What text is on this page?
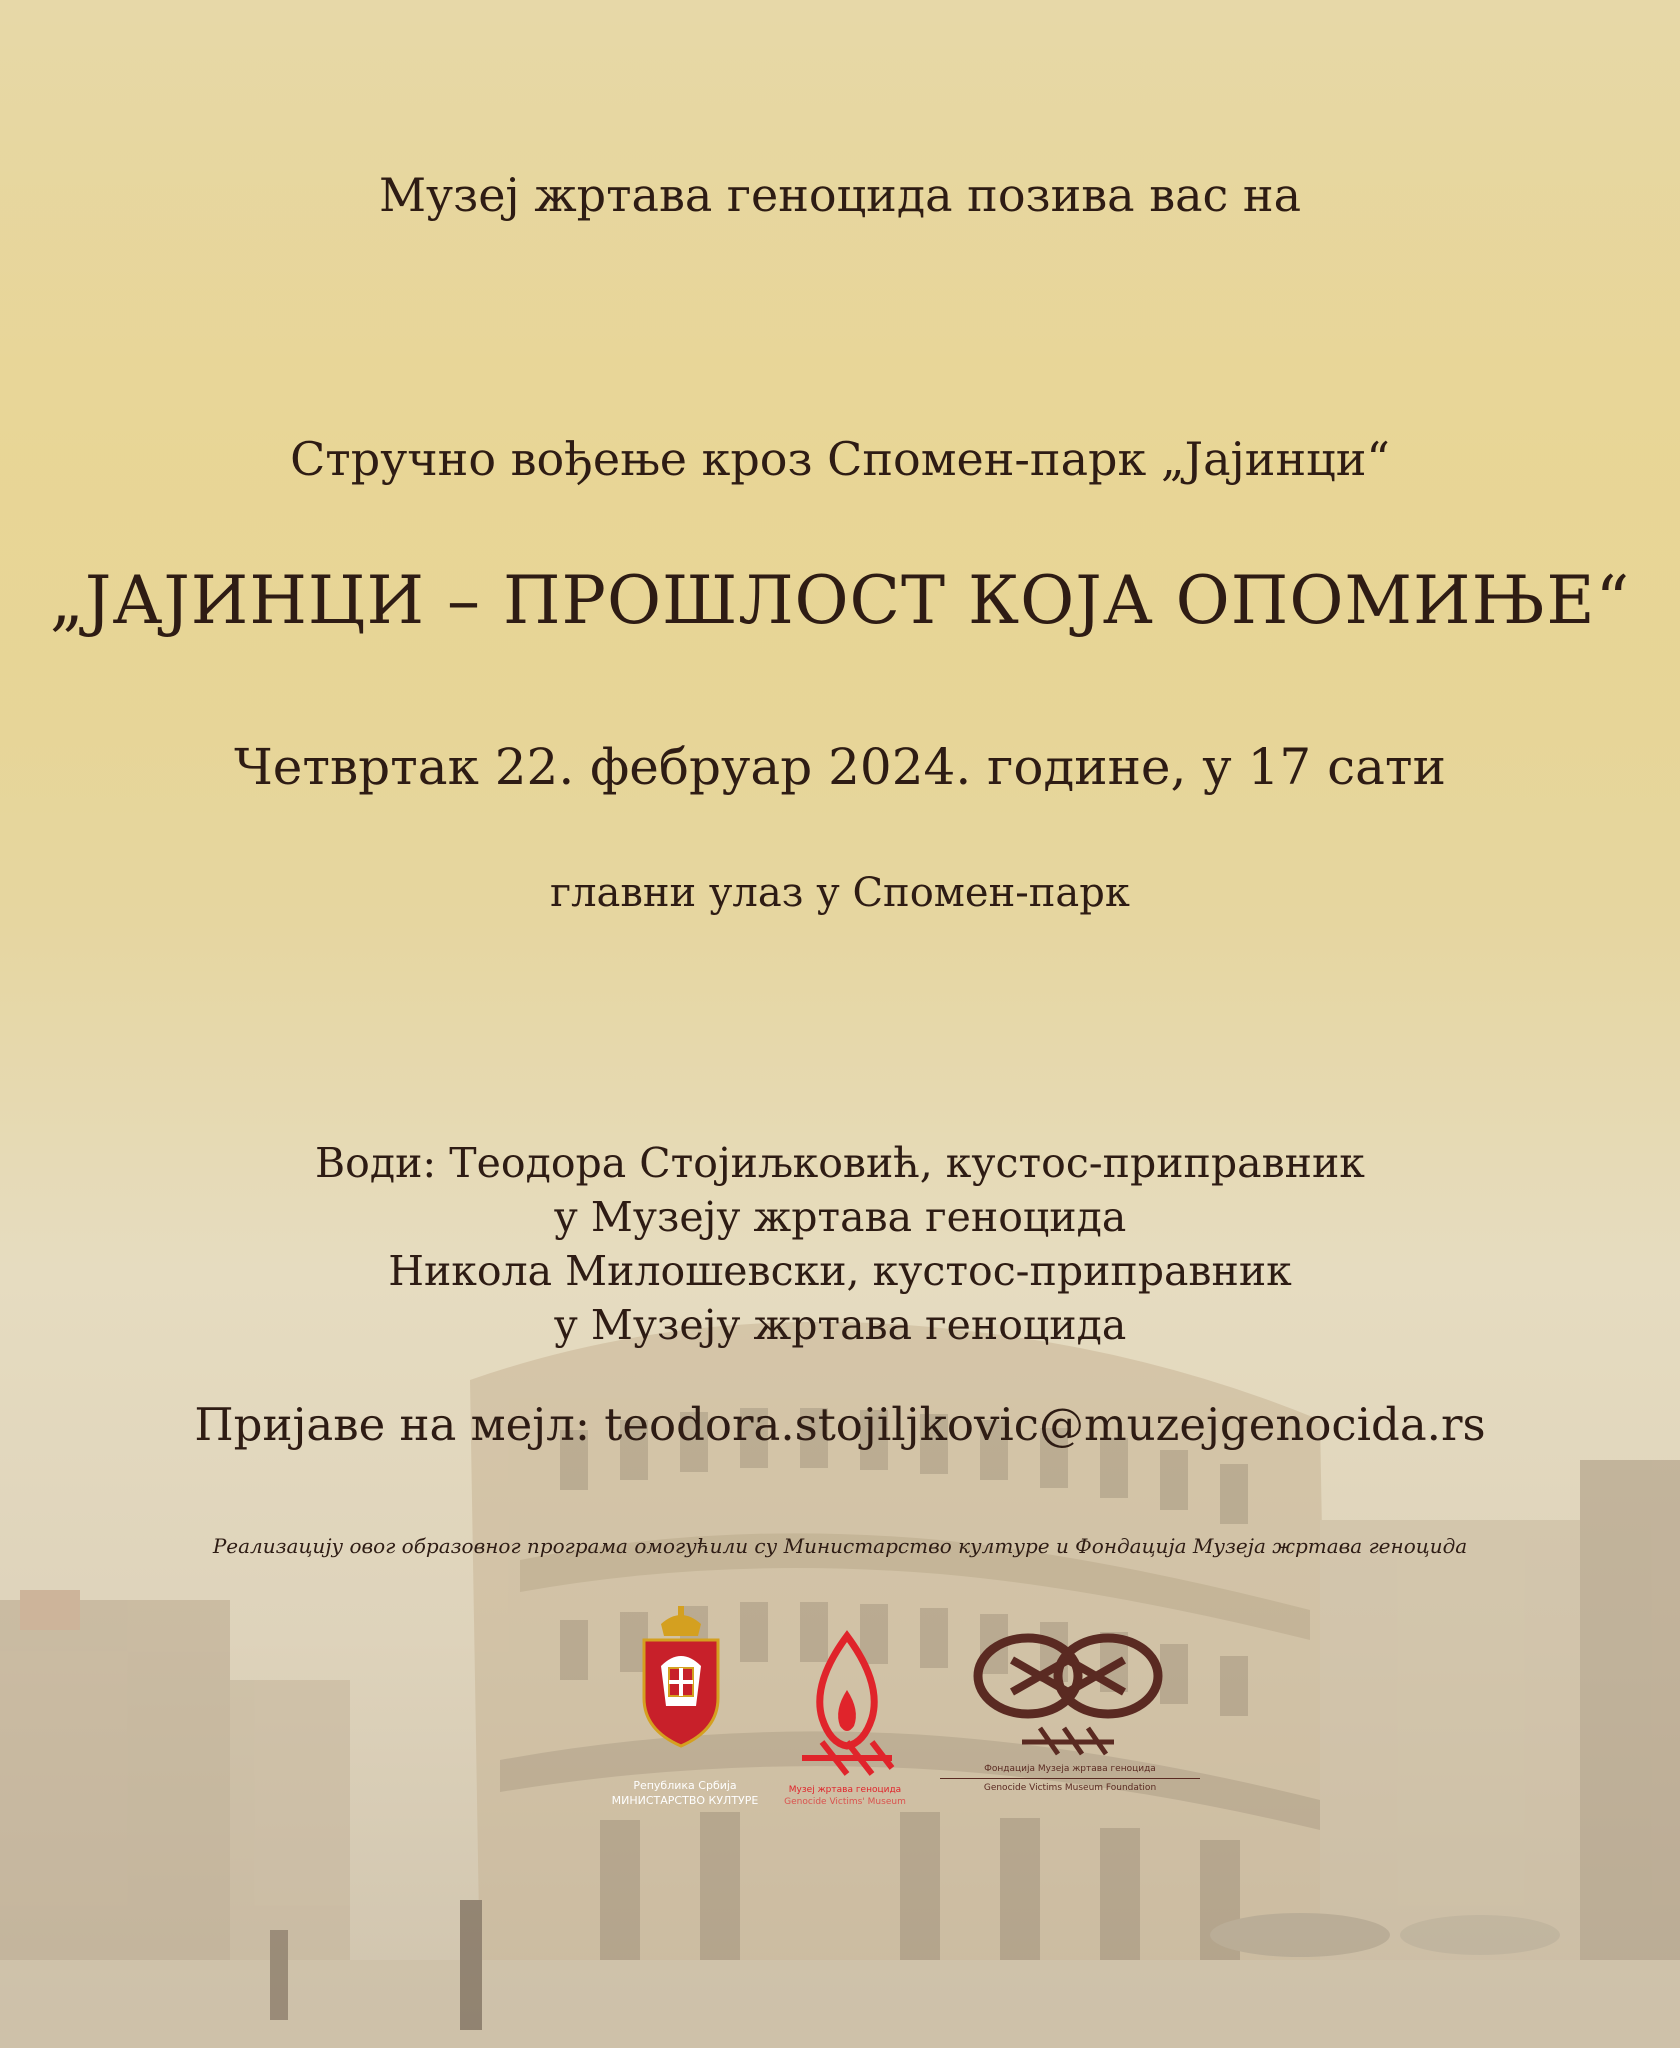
Музеј жртава геноцида позива вас на

Стручно вођење кроз Спомен-парк „Јајинци“

„ЈАЈИНЦИ – ПРОШЛОСТ КОЈА ОПОМИЊЕ“

Четвртак 22. фебруар 2024. године, у 17 сати

главни улаз у Спомен-парк

Води: Теодора Стојиљковић, кустос-приправник
у Музеју жртава геноцида
Никола Милошевски, кустос-приправник
у Музеју жртава геноцида

Пријаве на мејл: teodora.stojiljkovic@muzejgenocida.rs

Реализацију овог образовног програма омогућили су Министарство културе и Фондација Музеја жртава геноцида

Република Србија
МИНИСТАРСТВО КУЛТУРЕ
Музеј жртава геноцида
Genocide Victims' Museum
Фондација Музеја жртава геноцида
Genocide Victims Museum Foundation
